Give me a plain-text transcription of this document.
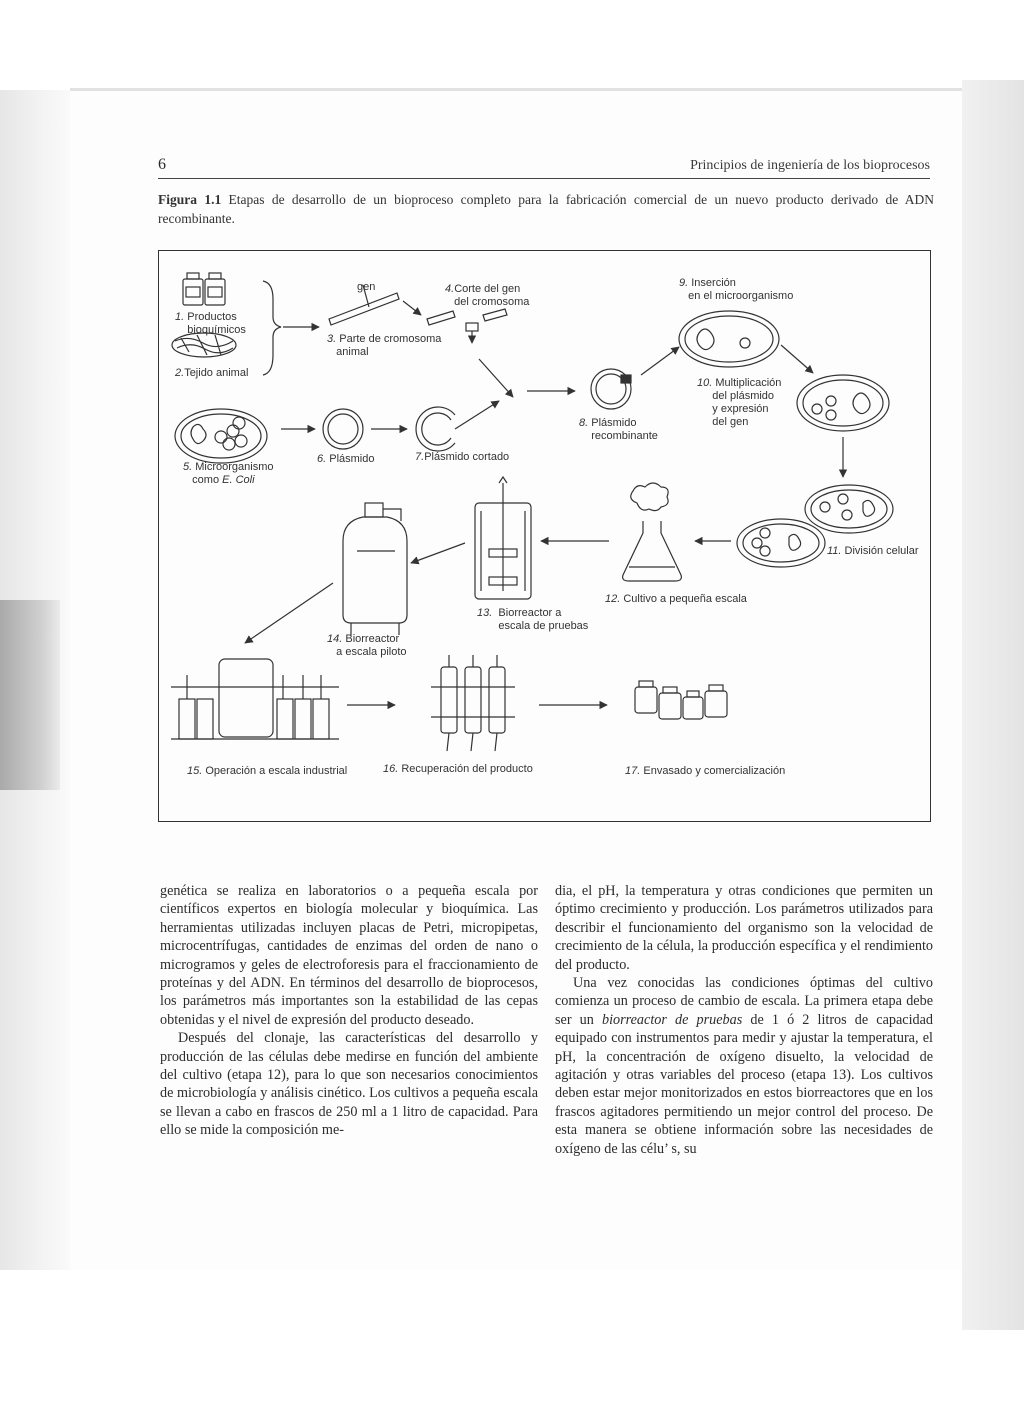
6	Principios de ingeniería de los bioprocesos
Figura 1.1 Etapas de desarrollo de un bioproceso completo para la fabricación comercial de un nuevo producto derivado de ADN recombinante.
1. Productos
bioquímicos
2.Tejido animal
gen
3. Parte de cromosoma
animal
4.Corte del gen
del cromosoma
5. Microorganismo
como E. Coli
6. Plásmido	7.Plásmido cortado
8. Plásmido
recombinante
9. Inserción
en el microorganismo
10. Multiplicación
del plásmido
y expresión
del gen
11. División celular
12. Cultivo a pequeña escala
13. Biorreactor a
escala de pruebas
14. Biorreactor
a escala piloto
15. Operación a escala industrial	16. Recuperación del producto	17. Envasado y comercialización

genética se realiza en laboratorios o a pequeña escala por científicos expertos en biología molecular y bioquímica. Las herramientas utilizadas incluyen placas de Petri, micropipetas, microcentrífugas, cantidades de enzimas del orden de nano o microgramos y geles de electroforesis para el fraccionamiento de proteínas y del ADN. En términos del desarrollo de bioprocesos, los parámetros más importantes son la estabilidad de las cepas obtenidas y el nivel de expresión del producto deseado.

Después del clonaje, las características del desarrollo y producción de las células debe medirse en función del ambiente del cultivo (etapa 12), para lo que son necesarios conocimientos de microbiología y análisis cinético. Los cultivos a pequeña escala se llevan a cabo en frascos de 250 ml a 1 litro de capacidad. Para ello se mide la composición me-

dia, el pH, la temperatura y otras condiciones que permiten un óptimo crecimiento y producción. Los parámetros utilizados para describir el funcionamiento del organismo son la velocidad de crecimiento de la célula, la producción específica y el rendimiento del producto.

Una vez conocidas las condiciones óptimas del cultivo comienza un proceso de cambio de escala. La primera etapa debe ser un biorreactor de pruebas de 1 ó 2 litros de capacidad equipado con instrumentos para medir y ajustar la temperatura, el pH, la concentración de oxígeno disuelto, la velocidad de agitación y otras variables del proceso (etapa 13). Los cultivos deben estar mejor monitorizados en estos biorreactores que en los frascos agitadores permitiendo un mejor control del proceso. De esta manera se obtiene información sobre las necesidades de oxígeno de las célu’ s, su
